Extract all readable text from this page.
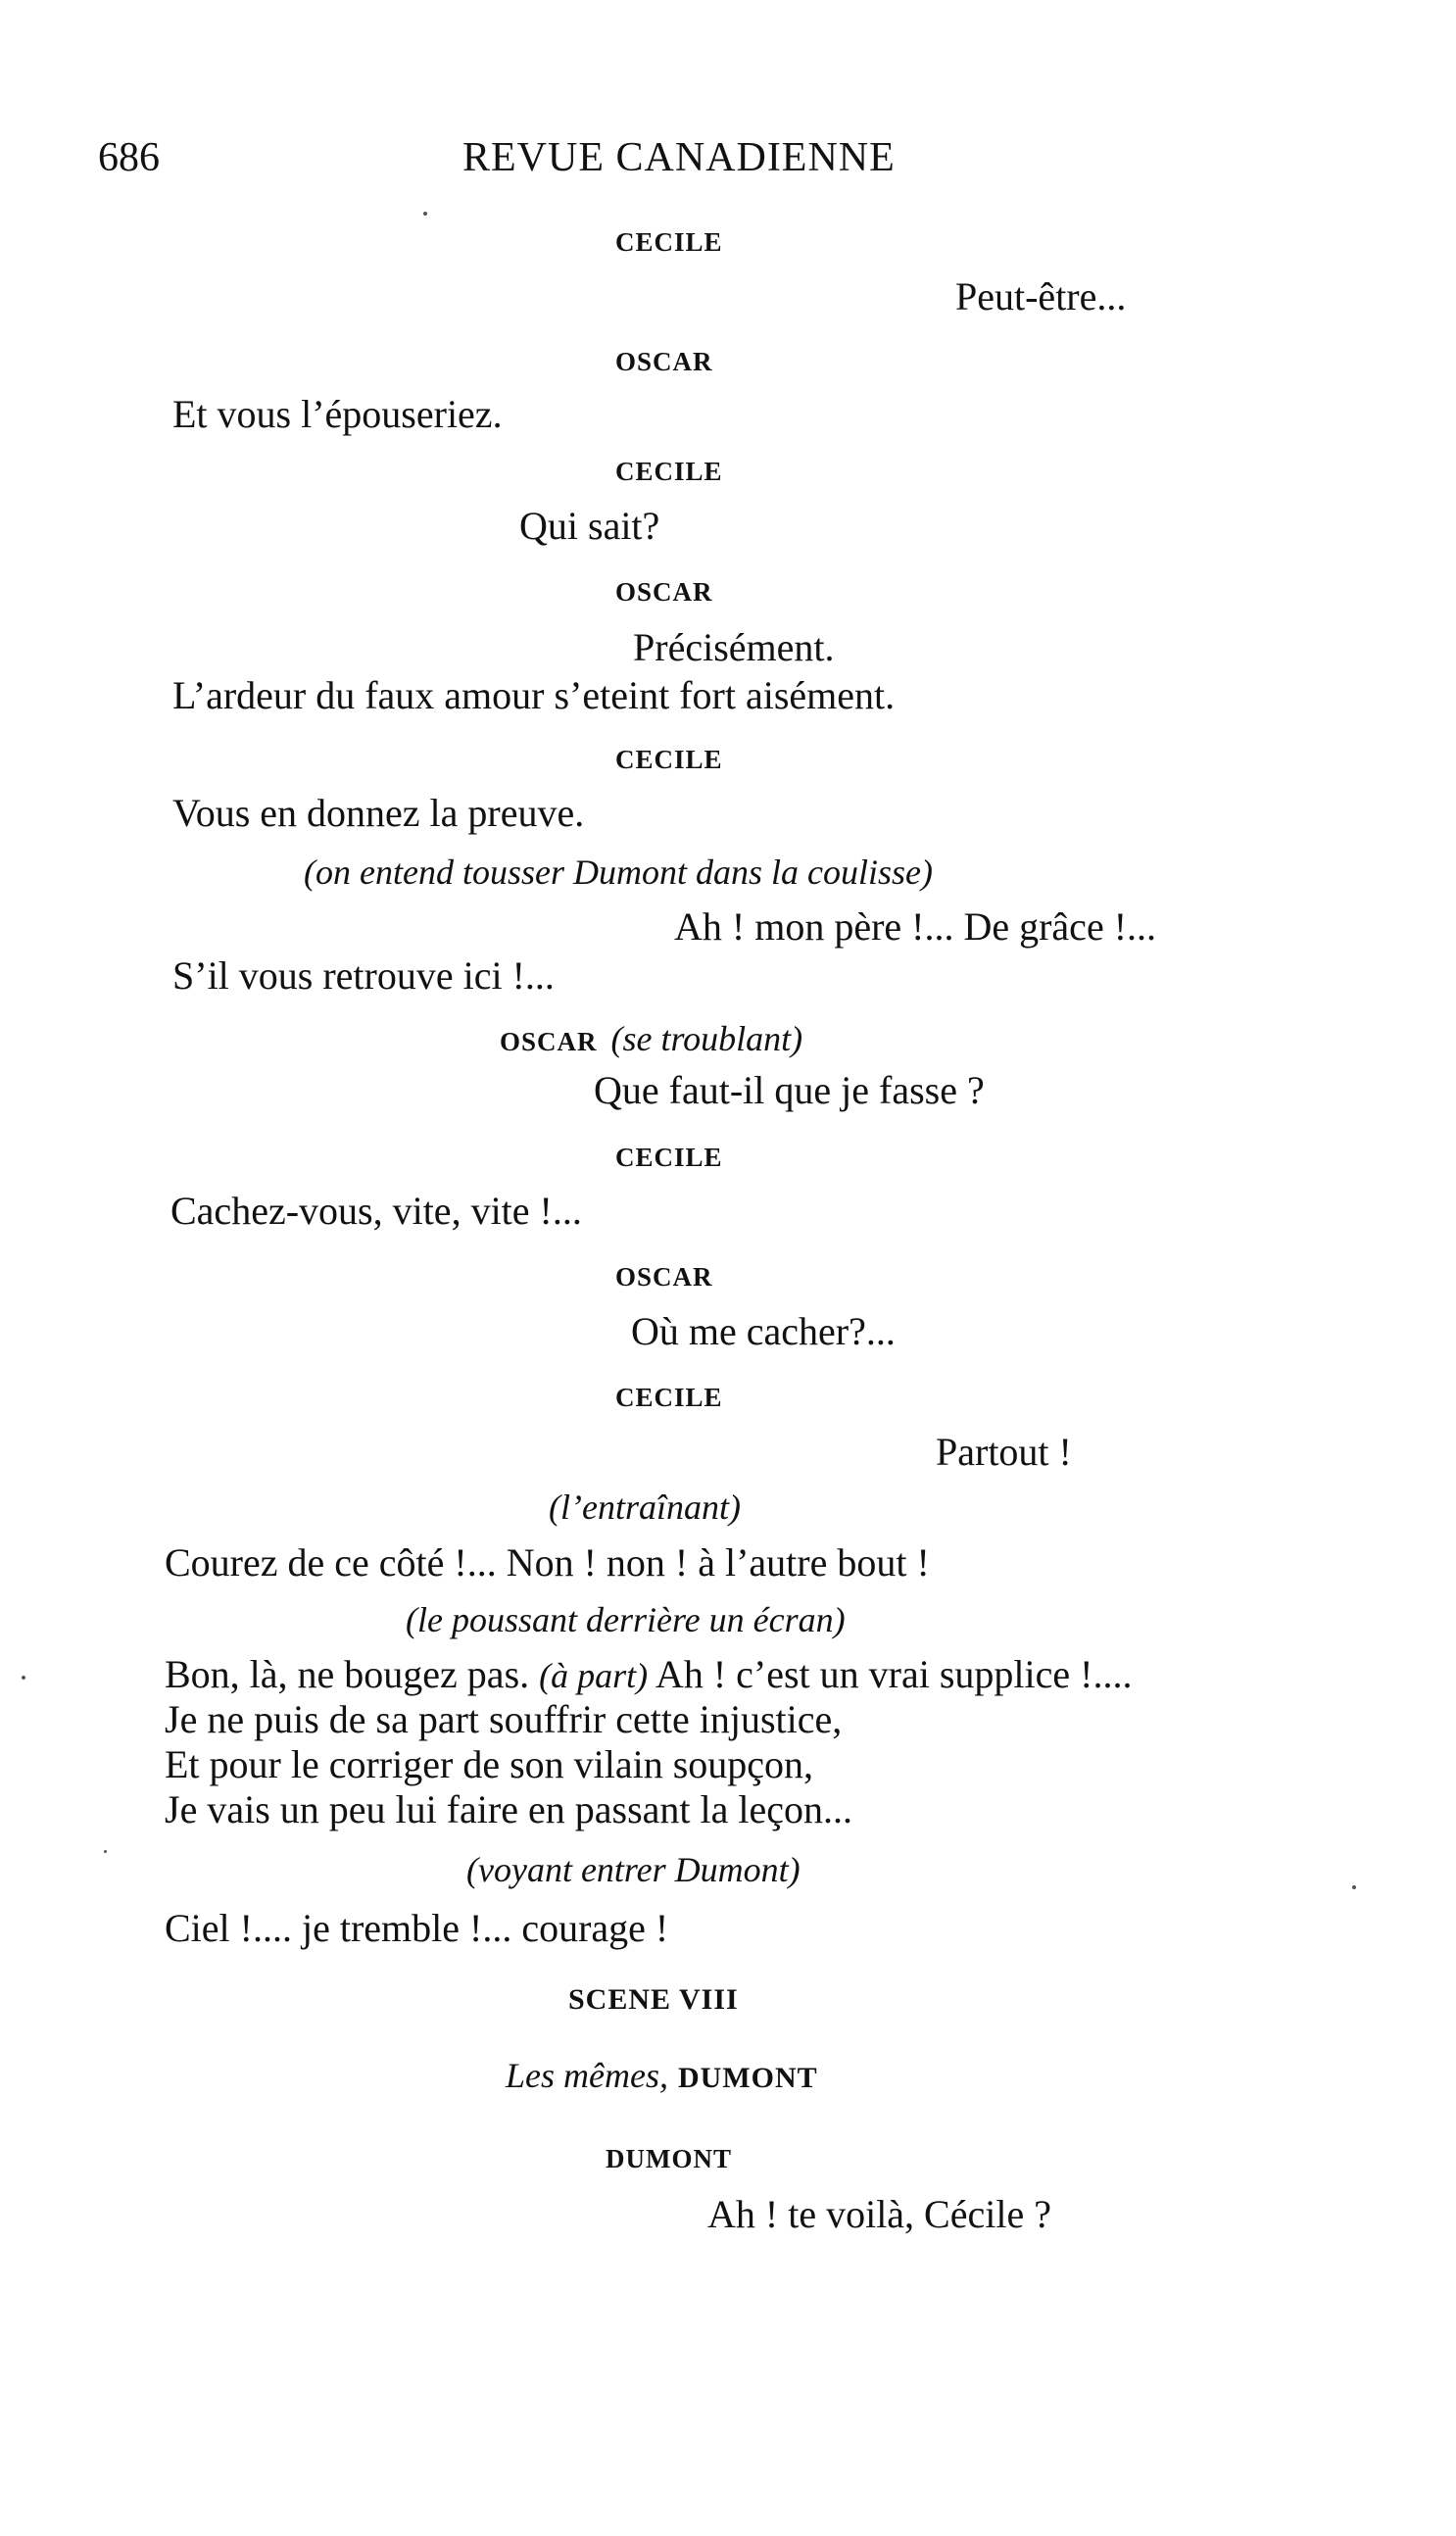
686	REVUE CANADIENNE
CECILE
Peut-être...
OSCAR
Et vous l’épouseriez.
CECILE
Qui sait?
OSCAR
Précisément.
L’ardeur du faux amour s’eteint fort aisément.
CECILE
Vous en donnez la preuve.
(on entend tousser Dumont dans la coulisse)
Ah ! mon père !... De grâce !...
S’il vous retrouve ici !...
OSCAR (se troublant)
Que faut-il que je fasse ?
CECILE
Cachez-vous, vite, vite !...
OSCAR
Où me cacher?...
CECILE
Partout !
(l’entraînant)
Courez de ce côté !... Non ! non ! à l’autre bout !
(le poussant derrière un écran)
Bon, là, ne bougez pas. (à part) Ah ! c’est un vrai supplice !....
Je ne puis de sa part souffrir cette injustice,
Et pour le corriger de son vilain soupçon,
Je vais un peu lui faire en passant la leçon...
(voyant entrer Dumont)
Ciel !.... je tremble !... courage !
SCENE VIII
Les mêmes, DUMONT
DUMONT
Ah ! te voilà, Cécile ?
